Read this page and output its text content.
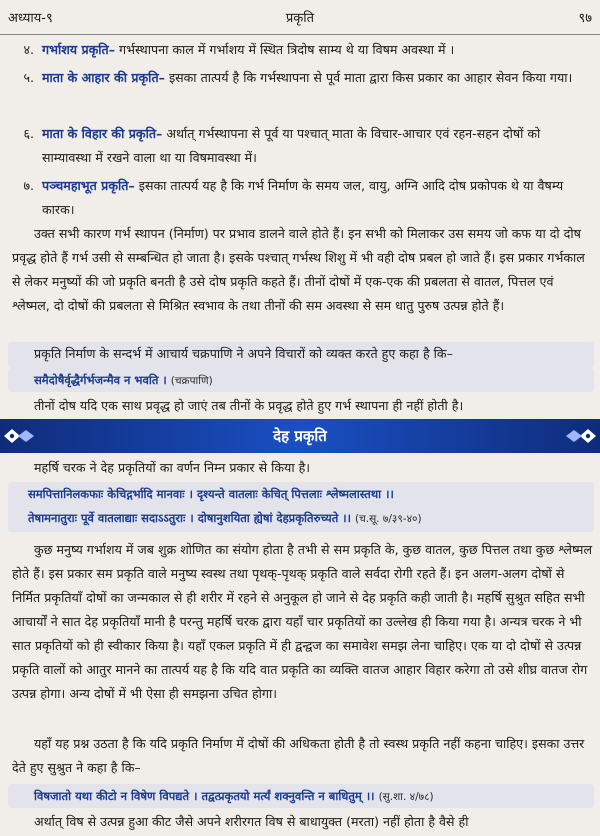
अध्याय-९	प्रकृति	९७
४. गर्भाशय प्रकृति– गर्भस्थापना काल में गर्भाशय में स्थित त्रिदोष साम्य थे या विषम अवस्था में ।
५. माता के आहार की प्रकृति– इसका तात्पर्य है कि गर्भस्थापना से पूर्व माता द्वारा किस प्रकार का आहार सेवन किया गया।
६. माता के विहार की प्रकृति– अर्थात् गर्भस्थापना से पूर्व या पश्चात् माता के विचार-आचार एवं रहन-सहन दोषों को साम्यावस्था में रखने वाला था या विषमावस्था में।
७. पञ्चमहाभूत प्रकृति– इसका तात्पर्य यह है कि गर्भ निर्माण के समय जल, वायु, अग्नि आदि दोष प्रकोपक थे या वैषम्य कारक।
उक्त सभी कारण गर्भ स्थापन (निर्माण) पर प्रभाव डालने वाले होते हैं। इन सभी को मिलाकर उस समय जो कफ या दो दोष प्रवृद्ध होते हैं गर्भ उसी से सम्बन्धित हो जाता है। इसके पश्चात् गर्भस्थ शिशु में भी वही दोष प्रबल हो जाते हैं। इस प्रकार गर्भकाल से लेकर मनुष्यों की जो प्रकृति बनती है उसे दोष प्रकृति कहते हैं। तीनों दोषों में एक-एक की प्रबलता से वातल, पित्तल एवं श्लेष्मल, दो दोषों की प्रबलता से मिश्रित स्वभाव के तथा तीनों की सम अवस्था से सम धातु पुरुष उत्पन्न होते हैं।
प्रकृति निर्माण के सन्दर्भ में आचार्य चक्रपाणि ने अपने विचारों को व्यक्त करते हुए कहा है कि–
समैदोषैर्वृद्धैर्गर्भजन्मैव न भवति । (चक्रपाणि)
तीनों दोष यदि एक साथ प्रवृद्ध हो जाएं तब तीनों के प्रवृद्ध होते हुए गर्भ स्थापना ही नहीं होती है।
देह प्रकृति
महर्षि चरक ने देह प्रकृतियों का वर्णन निम्न प्रकार से किया है।
समपित्तानिलकफाः केचिद्गर्भादि मानवाः । दृश्यन्ते वातलाः केचित् पित्तलाः श्लेष्मलास्तथा ।।
तेषामनातुराः पूर्वे वातलाद्याः सदाऽऽतुराः । दोषानुशयिता ह्येषां देहप्रकृतिरुच्यते ।। (च.सू. ७/३९-४०)
कुछ मनुष्य गर्भाशय में जब शुक्र शोणित का संयोग होता है तभी से सम प्रकृति के, कुछ वातल, कुछ पित्तल तथा कुछ श्लेष्मल होते हैं। इस प्रकार सम प्रकृति वाले मनुष्य स्वस्थ तथा पृथक्-पृथक् प्रकृति वाले सर्वदा रोगी रहते हैं। इन अलग-अलग दोषों से निर्मित प्रकृतियाँ दोषों का जन्मकाल से ही शरीर में रहने से अनुकूल हो जाने से देह प्रकृति कही जाती है। महर्षि सुश्रुत सहित सभी आचार्यों ने सात देह प्रकृतियाँ मानी है परन्तु महर्षि चरक द्वारा यहाँ चार प्रकृतियों का उल्लेख ही किया गया है। अन्यत्र चरक ने भी सात प्रकृतियों को ही स्वीकार किया है। यहाँ एकल प्रकृति में ही द्वन्द्वज का समावेश समझ लेना चाहिए। एक या दो दोषों से उत्पन्न प्रकृति वालों को आतुर मानने का तात्पर्य यह है कि यदि वात प्रकृति का व्यक्ति वातज आहार विहार करेगा तो उसे शीघ्र वातज रोग उत्पन्न होगा। अन्य दोषों में भी ऐसा ही समझना उचित होगा।
यहाँ यह प्रश्न उठता है कि यदि प्रकृति निर्माण में दोषों की अधिकता होती है तो स्वस्थ प्रकृति नहीं कहना चाहिए। इसका उत्तर देते हुए सुश्रुत ने कहा है कि–
विषजातो यथा कीटो न विषेण विपद्यते । तद्वत्प्रकृतयो मर्त्यं शक्नुवन्ति न बाधितुम् ।। (सु.शा. ४/७८)
अर्थात् विष से उत्पन्न हुआ कीट जैसे अपने शरीरगत विष से बाधायुक्त (मरता) नहीं होता है वैसे ही
